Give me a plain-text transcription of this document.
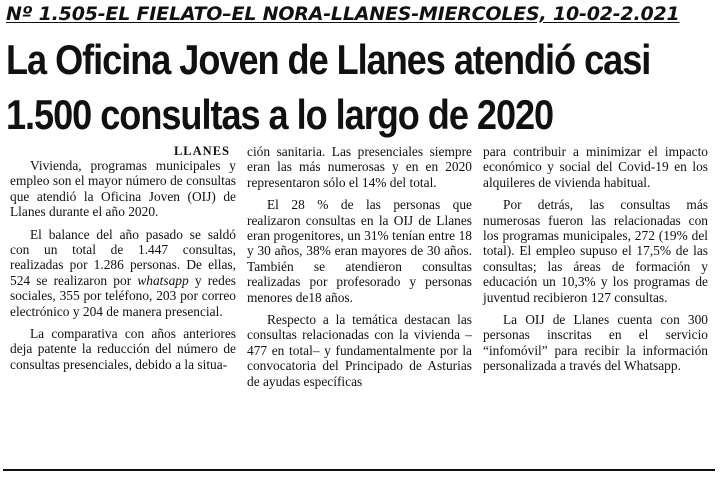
Nº 1.505-EL FIELATO–EL NORA-LLANES-MIERCOLES, 10-02-2.021
La Oficina Joven de Llanes atendió casi
1.500 consultas a lo largo de 2020
LLANES

Vivienda, programas municipales y empleo son el mayor número de consultas que atendió la Oficina Joven (OIJ) de Llanes durante el año 2020.

El balance del año pasado se saldó con un total de 1.447 consultas, realizadas por 1.286 personas. De ellas, 524 se realizaron por whatsapp y redes sociales, 355 por teléfono, 203 por correo electrónico y 204 de manera presencial.

La comparativa con años anteriores deja patente la reducción del número de consultas presenciales, debido a la situa-

ción sanitaria. Las presenciales siempre eran las más numerosas y en en 2020 representaron sólo el 14% del total.

El 28 % de las personas que realizaron consultas en la OIJ de Llanes eran progenitores, un 31% tenían entre 18 y 30 años, 38% eran mayores de 30 años. También se atendieron consultas realizadas por profesorado y personas menores de18 años.

Respecto a la temática destacan las consultas relacionadas con la vivienda –477 en total– y fundamentalmente por la convocatoria del Principado de Asturias de ayudas específicas

para contribuir a minimizar el impacto económico y social del Covid-19 en los alquileres de vivienda habitual.

Por detrás, las consultas más numerosas fueron las relacionadas con los programas municipales, 272 (19% del total). El empleo supuso el 17,5% de las consultas; las áreas de formación y educación un 10,3% y los programas de juventud recibieron 127 consultas.

La OIJ de Llanes cuenta con 300 personas inscritas en el servicio “infomóvil” para recibir la información personalizada a través del Whatsapp.
